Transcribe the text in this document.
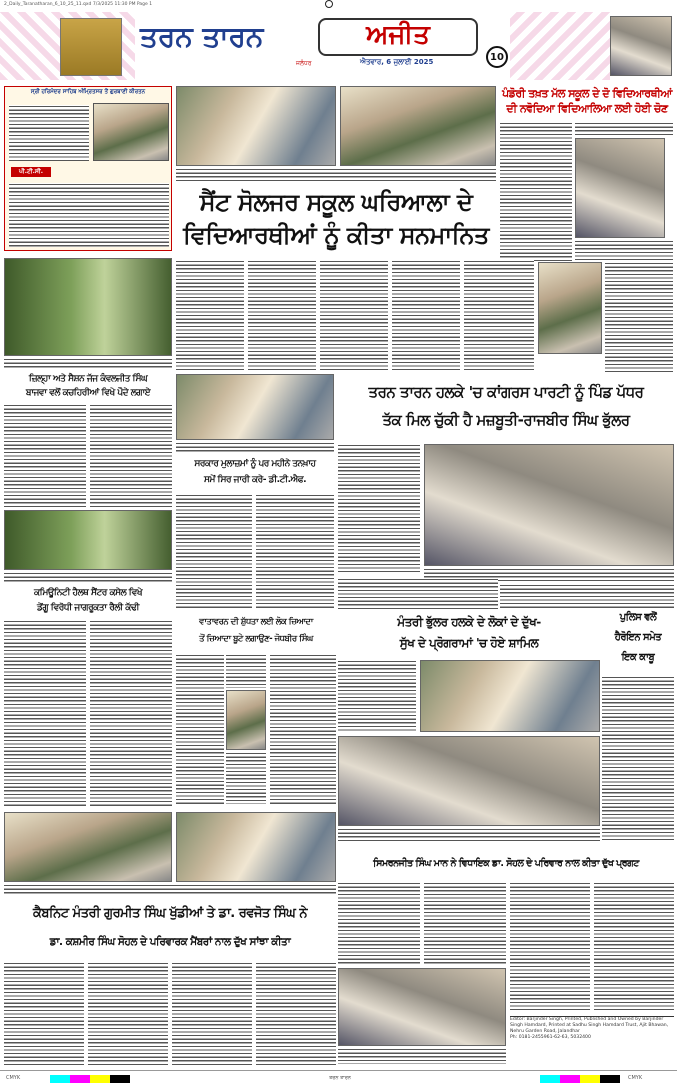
2_Daily_Taranatharan_6_10_25_11.qxd 7/3/2025 11:30 PM Page 1
ਤਰਨ ਤਾਰਨ	ਅਜੀਤ
ਜਲੰਧਰ	ਐਤਵਾਰ, 6 ਜੁਲਾਈ 2025	10
ਸ੍ਰੀ ਹਰਿਮੰਦਰ ਸਾਹਿਬ ਅੰਮ੍ਰਿਤਸਰ ਤੋਂ ਗੁਰਬਾਣੀ ਕੀਰਤਨ
ਪੀ.ਟੀ.ਸੀ.
ਪੰਡੋਰੀ ਤਖ਼ਤ ਮੱਲ ਸਕੂਲ ਦੇ ਦੋ ਵਿਦਿਆਰਥੀਆਂ
ਦੀ ਨਵੋਦਿਆ ਵਿਦਿਆਲਿਆ ਲਈ ਹੋਈ ਚੋਣ
ਸੈਂਟ ਸੋਲਜਰ ਸਕੂਲ ਘਰਿਆਲਾ ਦੇ
ਵਿਦਿਆਰਥੀਆਂ ਨੂੰ ਕੀਤਾ ਸਨਮਾਨਿਤ
ਜ਼ਿਲ੍ਹਾ ਅਤੇ ਸੈਸ਼ਨ ਜੱਜ ਕੰਵਲਜੀਤ ਸਿੰਘ
ਬਾਜਵਾ ਵਲੋਂ ਕਚਹਿਰੀਆਂ ਵਿਖੇ ਪੌਦੇ ਲਗਾਏ	ਤਰਨ ਤਾਰਨ ਹਲਕੇ 'ਚ ਕਾਂਗਰਸ ਪਾਰਟੀ ਨੂੰ ਪਿੰਡ ਪੱਧਰ
ਤੱਕ ਮਿਲ ਚੁੱਕੀ ਹੈ ਮਜ਼ਬੂਤੀ-ਰਾਜਬੀਰ ਸਿੰਘ ਭੁੱਲਰ
ਸਰਕਾਰ ਮੁਲਾਜ਼ਮਾਂ ਨੂੰ ਪਰ ਮਹੀਨੇ ਤਨਖ਼ਾਹ
ਸਮੇਂ ਸਿਰ ਜਾਰੀ ਕਰੇ- ਡੀ.ਟੀ.ਐਫ.
ਕਮਿਊਨਿਟੀ ਹੈਲਥ ਸੈਂਟਰ ਕਸੇਲ ਵਿਖੇ
ਡੇਂਗੂ ਵਿਰੋਧੀ ਜਾਗਰੂਕਤਾ ਰੈਲੀ ਕੱਢੀ
ਵਾਤਾਵਰਨ ਦੀ ਸ਼ੁੱਧਤਾ ਲਈ ਲੋਕ ਜ਼ਿਆਦਾ
ਤੋਂ ਜ਼ਿਆਦਾ ਬੂਟੇ ਲਗਾਉਣ- ਜੋਧਬੀਰ ਸਿੰਘ
ਮੰਤਰੀ ਭੁੱਲਰ ਹਲਕੇ ਦੇ ਲੋਕਾਂ ਦੇ ਦੁੱਖ-
ਸੁੱਖ ਦੇ ਪ੍ਰੋਗਰਾਮਾਂ 'ਚ ਹੋਏ ਸ਼ਾਮਿਲ
ਪੁਲਿਸ ਵਲੋਂ
ਹੈਰੋਇਨ ਸਮੇਤ
ਇਕ ਕਾਬੂ
ਸਿਮਰਨਜੀਤ ਸਿੰਘ ਮਾਨ ਨੇ ਵਿਧਾਇਕ ਡਾ. ਸੋਹਲ ਦੇ ਪਰਿਵਾਰ ਨਾਲ ਕੀਤਾ ਦੁੱਖ ਪ੍ਰਗਟ
ਕੈਬਨਿਟ ਮੰਤਰੀ ਗੁਰਮੀਤ ਸਿੰਘ ਖੁੱਡੀਆਂ ਤੇ ਡਾ. ਰਵਜੋਤ ਸਿੰਘ ਨੇ
ਡਾ. ਕਸ਼ਮੀਰ ਸਿੰਘ ਸੋਹਲ ਦੇ ਪਰਿਵਾਰਕ ਮੈਂਬਰਾਂ ਨਾਲ ਦੁੱਖ ਸਾਂਝਾ ਕੀਤਾ
Editor: Barjinder Singh, Printed, Published and Owned by Barjinder Singh Hamdard, Printed at Sadhu Singh Hamdard Trust, Ajit Bhawan, Nehru Garden Road, Jalandhar
Ph: 0181-2455961-62-63, 5032400
CMYK	ਤਰਨ ਤਾਰਨ	CMYK
